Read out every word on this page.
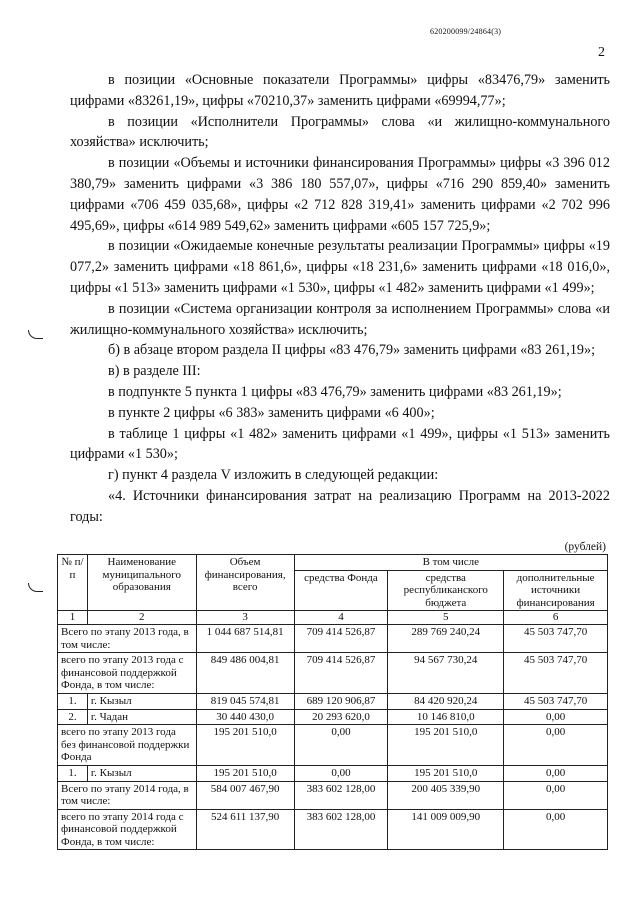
620200099/24864(3)
2

в позиции «Основные показатели Программы» цифры «83476,79» заменить цифрами «83261,19», цифры «70210,37» заменить цифрами «69994,77»;

в позиции «Исполнители Программы» слова «и жилищно-коммунального хозяйства» исключить;

в позиции «Объемы и источники финансирования Программы» цифры «3 396 012 380,79» заменить цифрами «3 386 180 557,07», цифры «716 290 859,40» заменить цифрами «706 459 035,68», цифры «2 712 828 319,41» заменить цифрами «2 702 996 495,69», цифры «614 989 549,62» заменить цифрами «605 157 725,9»;

в позиции «Ожидаемые конечные результаты реализации Программы» цифры «19 077,2» заменить цифрами «18 861,6», цифры «18 231,6» заменить цифрами «18 016,0», цифры «1 513» заменить цифрами «1 530», цифры «1 482» заменить цифрами «1 499»;

в позиции «Система организации контроля за исполнением Программы» слова «и жилищно-коммунального хозяйства» исключить;

б) в абзаце втором раздела II цифры «83 476,79» заменить цифрами «83 261,19»;

в) в разделе III:

в подпункте 5 пункта 1 цифры «83 476,79» заменить цифрами «83 261,19»;

в пункте 2 цифры «6 383» заменить цифрами «6 400»;

в таблице 1 цифры «1 482» заменить цифрами «1 499», цифры «1 513» заменить цифрами «1 530»;

г) пункт 4 раздела V изложить в следующей редакции:

«4. Источники финансирования затрат на реализацию Программ на 2013-2022 годы:

(рублей)
№ п/п	Наименование муниципального образования	Объем финансирования, всего	В том числе		
			средства Фонда	средства республиканского бюджета	дополнительные источники финансирования
1	2	3	4	5	6
Всего по этапу 2013 года, в том числе:		1 044 687 514,81	709 414 526,87	289 769 240,24	45 503 747,70
всего по этапу 2013 года с финансовой поддержкой Фонда, в том числе:		849 486 004,81	709 414 526,87	94 567 730,24	45 503 747,70
1.	г. Кызыл	819 045 574,81	689 120 906,87	84 420 920,24	45 503 747,70
2.	г. Чадан	30 440 430,0	20 293 620,0	10 146 810,0	0,00
всего по этапу 2013 года без финансовой поддержки Фонда		195 201 510,0	0,00	195 201 510,0	0,00
1.	г. Кызыл	195 201 510,0	0,00	195 201 510,0	0,00
Всего по этапу 2014 года, в том числе:		584 007 467,90	383 602 128,00	200 405 339,90	0,00
всего по этапу 2014 года с финансовой поддержкой Фонда, в том числе:		524 611 137,90	383 602 128,00	141 009 009,90	0,00
